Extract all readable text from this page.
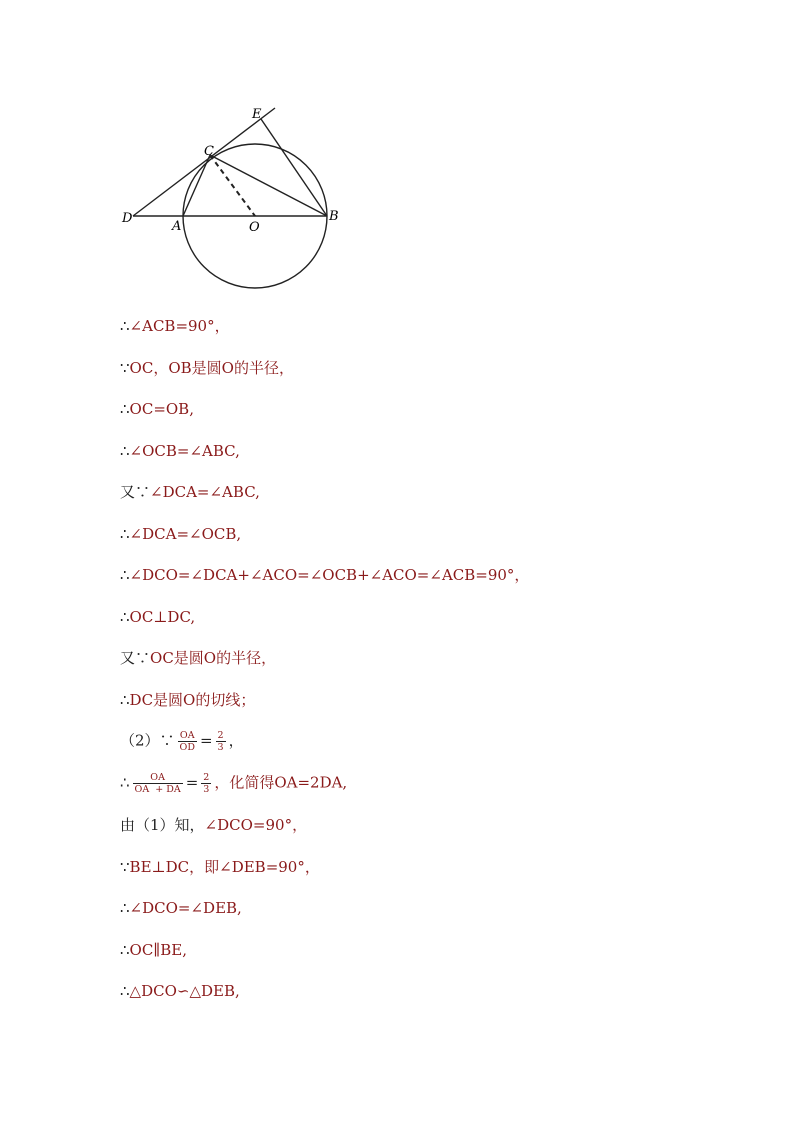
E
C
D
A	O
B
∴∠ACB=90°，
∵OC，OB是圆O的半径，
∴OC=OB,
∴∠OCB=∠ABC,
又∵∠DCA=∠ABC,
∴∠DCA=∠OCB,
∴∠DCO=∠DCA+∠ACO=∠OCB+∠ACO=∠ACB=90°，
∴OC⊥DC,
又∵OC是圆O的半径，
∴DC是圆O的切线；
（2）∵ $\frac{OA}{OD} = \frac{2}{3}$ ，
∴ $\frac{OA}{OA + DA} = \frac{2}{3}$ ，化简得OA=2DA,
由（1）知，∠DCO=90°，
∵BE⊥DC，即∠DEB=90°，
∴∠DCO=∠DEB,
∴OC∥BE,
∴△DCO∽△DEB,
